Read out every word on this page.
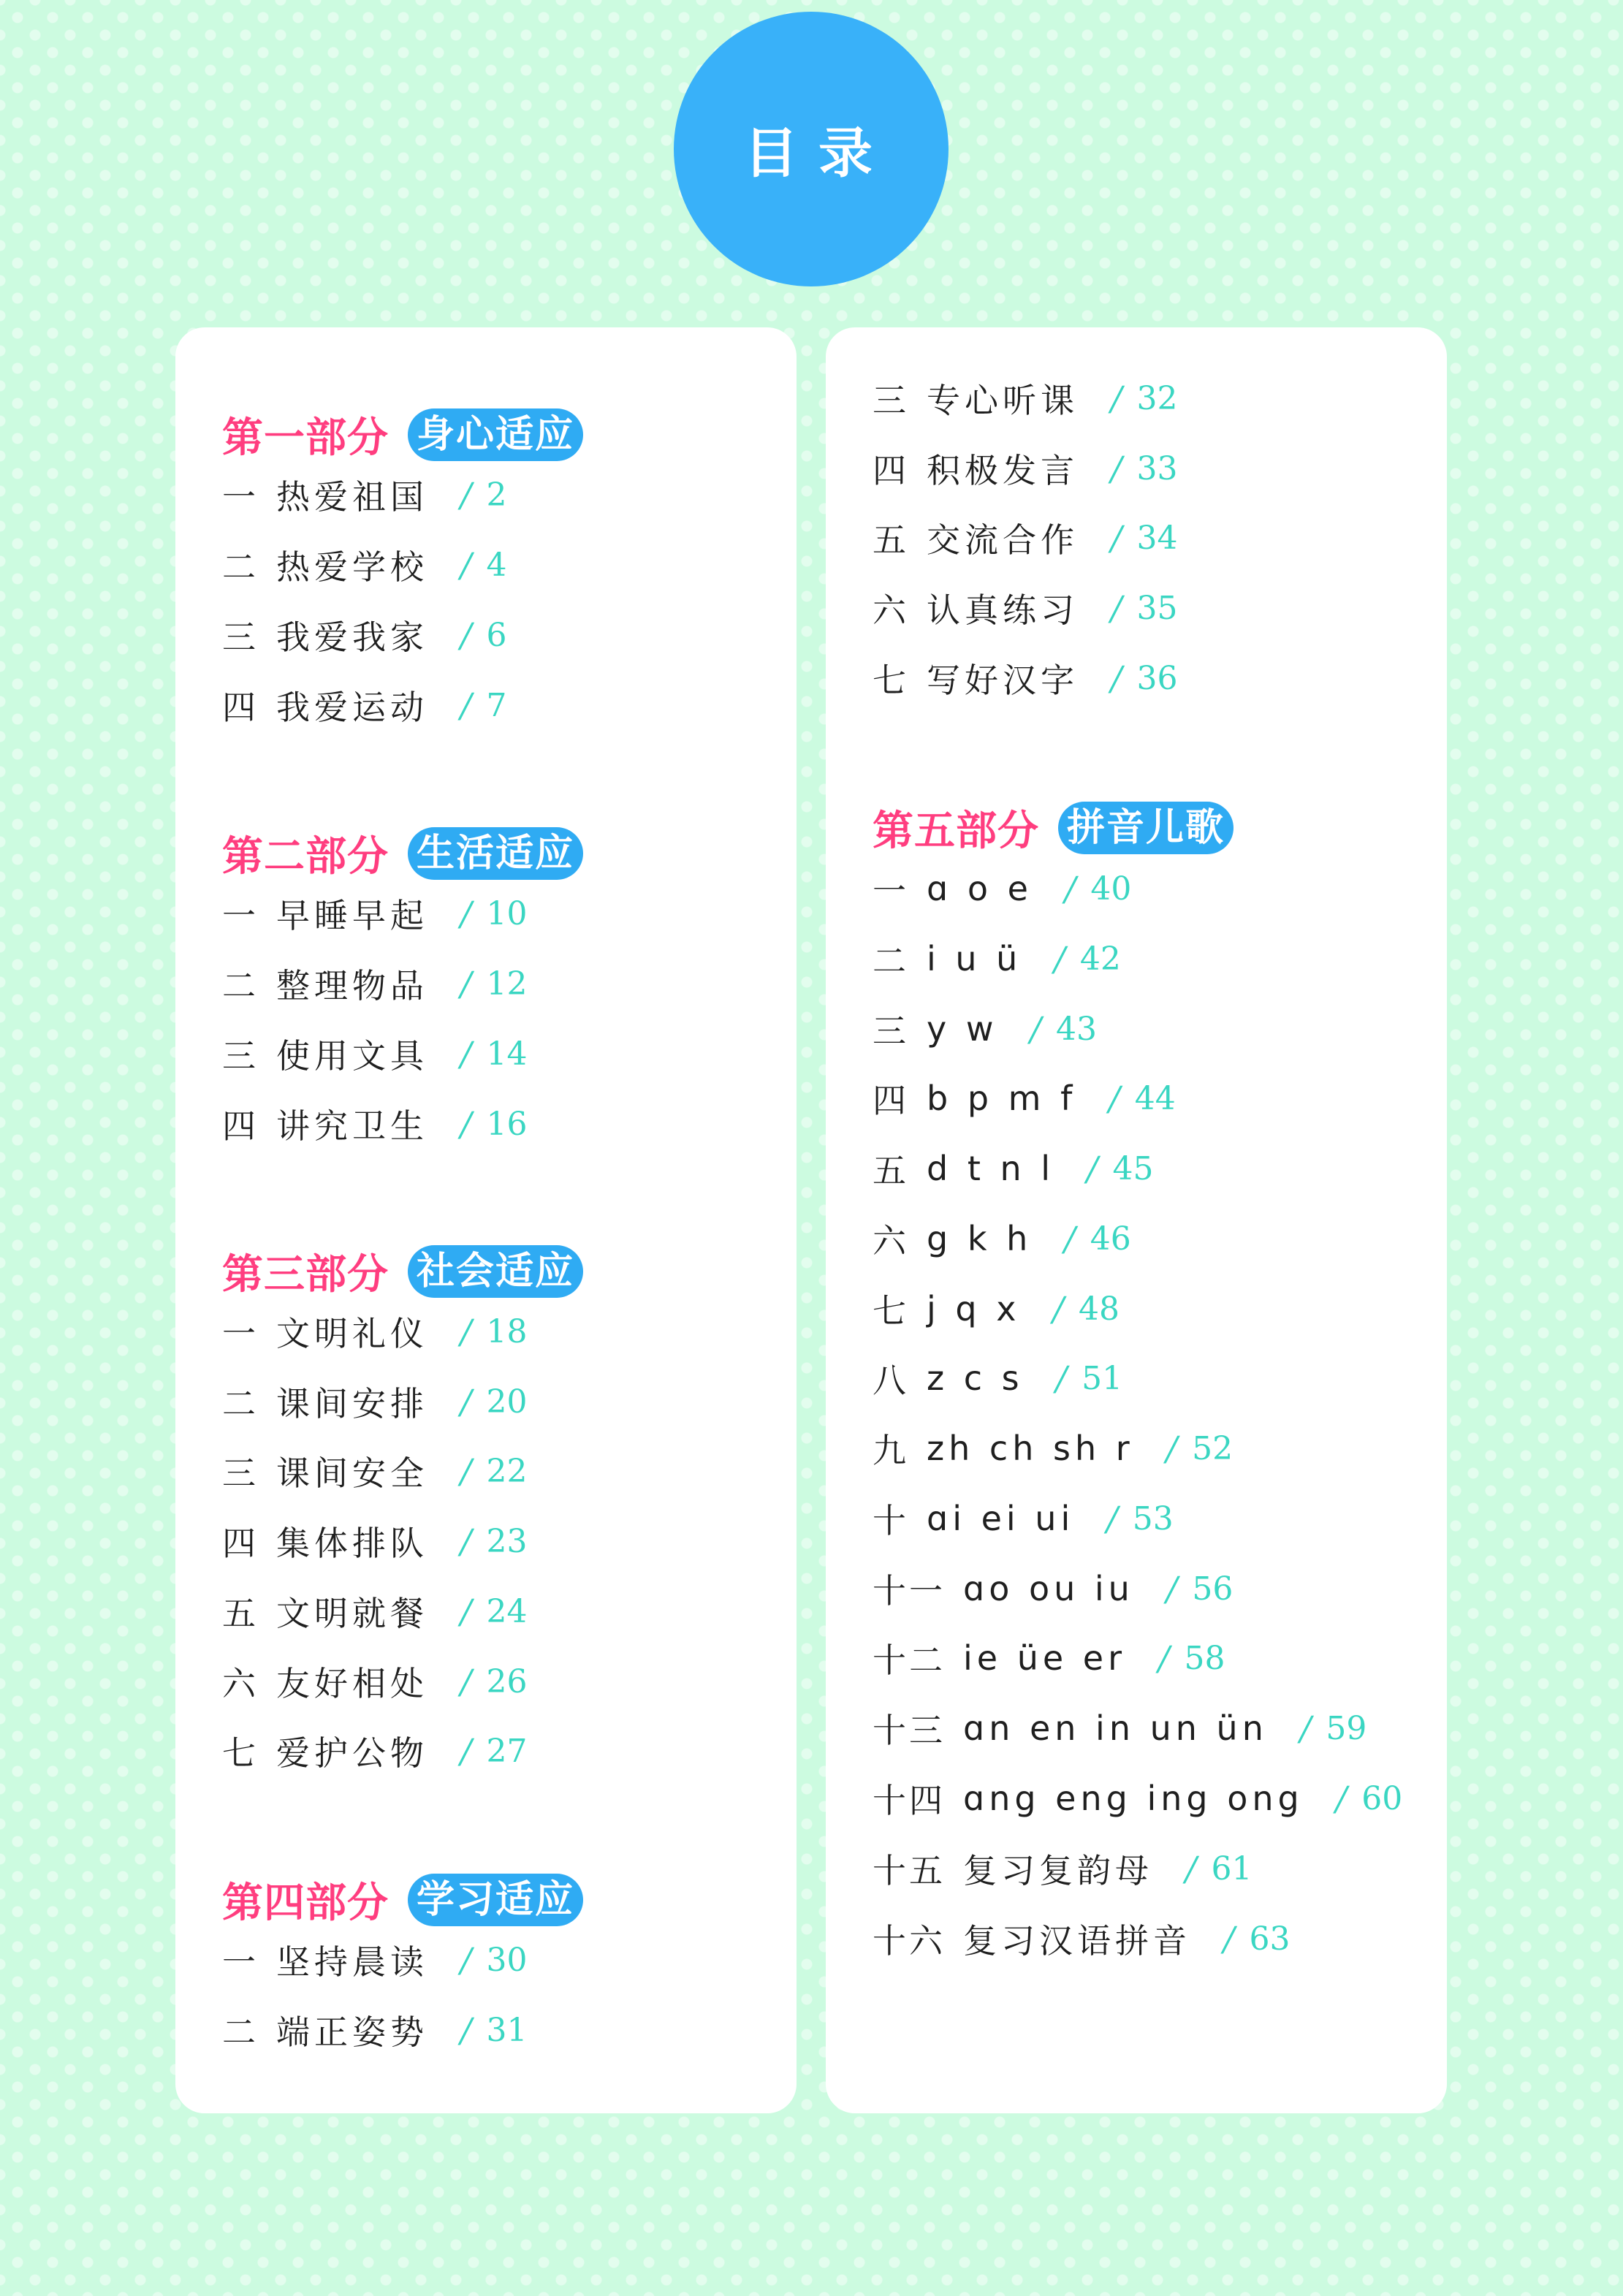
目录
第一部分 身心适应
一 热爱祖国 / 2
二 热爱学校 / 4
三 我爱我家 / 6
四 我爱运动 / 7
第二部分 生活适应
一 早睡早起 / 10
二 整理物品 / 12
三 使用文具 / 14
四 讲究卫生 / 16
第三部分 社会适应
一 文明礼仪 / 18
二 课间安排 / 20
三 课间安全 / 22
四 集体排队 / 23
五 文明就餐 / 24
六 友好相处 / 26
七 爱护公物 / 27
第四部分 学习适应
一 坚持晨读 / 30
二 端正姿势 / 31
三 专心听课 / 32
四 积极发言 / 33
五 交流合作 / 34
六 认真练习 / 35
七 写好汉字 / 36
第五部分 拼音儿歌
一 ɑ o e / 40
二 i u ü / 42
三 y w / 43
四 b p m f / 44
五 d t n l / 45
六 g k h / 46
七 j q x / 48
八 z c s / 51
九 zh ch sh r / 52
十 ɑi ei ui / 53
十一 ɑo ou iu / 56
十二 ie üe er / 58
十三 ɑn en in un ün / 59
十四 ɑng eng ing ong / 60
十五 复习复韵母 / 61
十六 复习汉语拼音 / 63
